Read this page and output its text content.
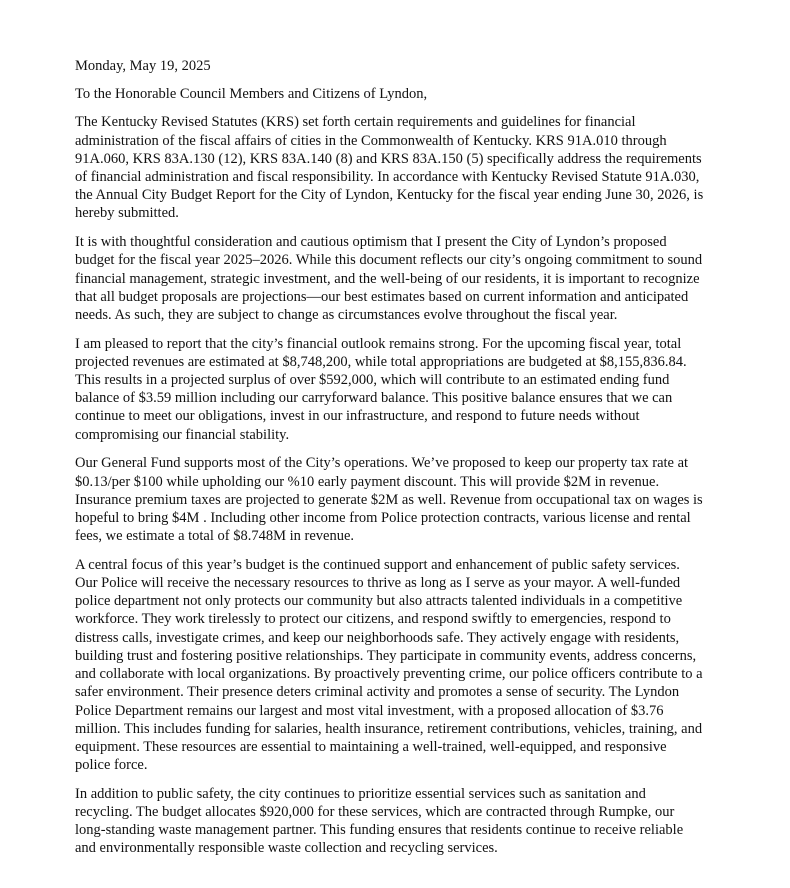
Monday, May 19, 2025

To the Honorable Council Members and Citizens of Lyndon,

The Kentucky Revised Statutes (KRS) set forth certain requirements and guidelines for financial administration of the fiscal affairs of cities in the Commonwealth of Kentucky. KRS 91A.010 through 91A.060, KRS 83A.130 (12), KRS 83A.140 (8) and KRS 83A.150 (5) specifically address the requirements of financial administration and fiscal responsibility. In accordance with Kentucky Revised Statute 91A.030, the Annual City Budget Report for the City of Lyndon, Kentucky for the fiscal year ending June 30, 2026, is hereby submitted.

It is with thoughtful consideration and cautious optimism that I present the City of Lyndon’s proposed budget for the fiscal year 2025–2026. While this document reflects our city’s ongoing commitment to sound financial management, strategic investment, and the well-being of our residents, it is important to recognize that all budget proposals are projections—our best estimates based on current information and anticipated needs. As such, they are subject to change as circumstances evolve throughout the fiscal year.

I am pleased to report that the city’s financial outlook remains strong. For the upcoming fiscal year, total projected revenues are estimated at $8,748,200, while total appropriations are budgeted at $8,155,836.84. This results in a projected surplus of over $592,000, which will contribute to an estimated ending fund balance of $3.59 million including our carryforward balance. This positive balance ensures that we can continue to meet our obligations, invest in our infrastructure, and respond to future needs without compromising our financial stability.

Our General Fund supports most of the City’s operations. We’ve proposed to keep our property tax rate at $0.13/per $100 while upholding our %10 early payment discount. This will provide $2M in revenue. Insurance premium taxes are projected to generate $2M as well. Revenue from occupational tax on wages is hopeful to bring $4M . Including other income from Police protection contracts, various license and rental fees, we estimate a total of $8.748M in revenue.

A central focus of this year’s budget is the continued support and enhancement of public safety services. Our Police will receive the necessary resources to thrive as long as I serve as your mayor. A well-funded police department not only protects our community but also attracts talented individuals in a competitive workforce. They work tirelessly to protect our citizens, and respond swiftly to emergencies, respond to distress calls, investigate crimes, and keep our neighborhoods safe. They actively engage with residents, building trust and fostering positive relationships. They participate in community events, address concerns, and collaborate with local organizations. By proactively preventing crime, our police officers contribute to a safer environment. Their presence deters criminal activity and promotes a sense of security. The Lyndon Police Department remains our largest and most vital investment, with a proposed allocation of $3.76 million. This includes funding for salaries, health insurance, retirement contributions, vehicles, training, and equipment. These resources are essential to maintaining a well-trained, well-equipped, and responsive police force.

In addition to public safety, the city continues to prioritize essential services such as sanitation and recycling. The budget allocates $920,000 for these services, which are contracted through Rumpke, our long-standing waste management partner. This funding ensures that residents continue to receive reliable and environmentally responsible waste collection and recycling services.
